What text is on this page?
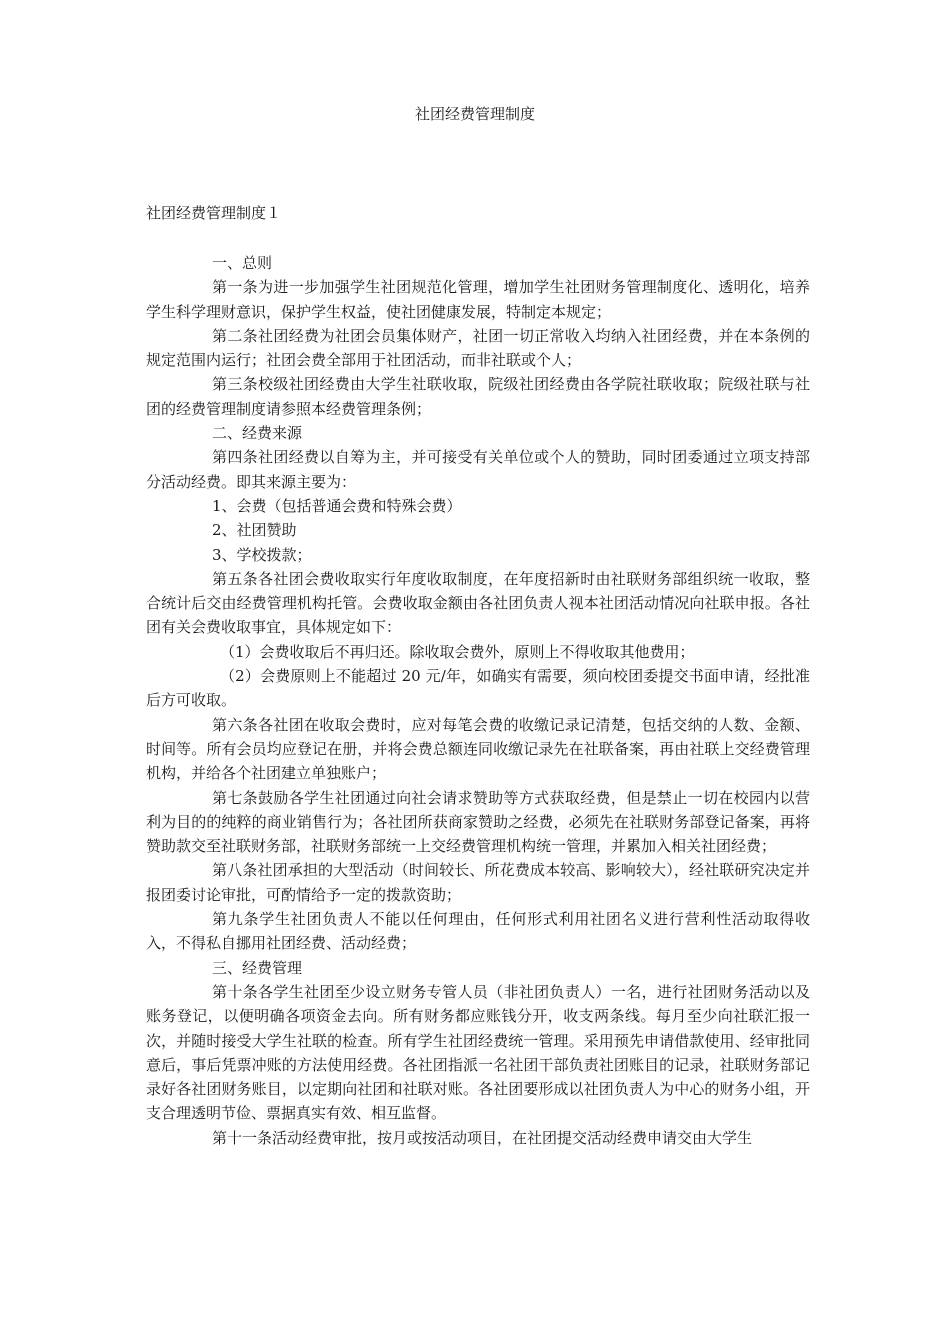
社团经费管理制度
社团经费管理制度１

一、总则

第一条为进一步加强学生社团规范化管理，增加学生社团财务管理制度化、透明化，培养学生科学理财意识，保护学生权益，使社团健康发展，特制定本规定；

第二条社团经费为社团会员集体财产，社团一切正常收入均纳入社团经费，并在本条例的规定范围内运行；社团会费全部用于社团活动，而非社联或个人；

第三条校级社团经费由大学生社联收取，院级社团经费由各学院社联收取；院级社联与社团的经费管理制度请参照本经费管理条例；

二、经费来源

第四条社团经费以自筹为主，并可接受有关单位或个人的赞助，同时团委通过立项支持部分活动经费。即其来源主要为：

1、会费（包括普通会费和特殊会费）

2、社团赞助

3、学校拨款；

第五条各社团会费收取实行年度收取制度，在年度招新时由社联财务部组织统一收取，整合统计后交由经费管理机构托管。会费收取金额由各社团负责人视本社团活动情况向社联申报。各社团有关会费收取事宜，具体规定如下：

（1）会费收取后不再归还。除收取会费外，原则上不得收取其他费用；

（2）会费原则上不能超过 20 元/年，如确实有需要，须向校团委提交书面申请，经批准后方可收取。

第六条各社团在收取会费时，应对每笔会费的收缴记录记清楚，包括交纳的人数、金额、时间等。所有会员均应登记在册，并将会费总额连同收缴记录先在社联备案，再由社联上交经费管理机构，并给各个社团建立单独账户；

第七条鼓励各学生社团通过向社会请求赞助等方式获取经费，但是禁止一切在校园内以营利为目的的纯粹的商业销售行为；各社团所获商家赞助之经费，必须先在社联财务部登记备案，再将赞助款交至社联财务部，社联财务部统一上交经费管理机构统一管理，并累加入相关社团经费；

第八条社团承担的大型活动（时间较长、所花费成本较高、影响较大），经社联研究决定并报团委讨论审批，可酌情给予一定的拨款资助；

第九条学生社团负责人不能以任何理由，任何形式利用社团名义进行营利性活动取得收入，不得私自挪用社团经费、活动经费；

三、经费管理

第十条各学生社团至少设立财务专管人员（非社团负责人）一名，进行社团财务活动以及账务登记，以便明确各项资金去向。所有财务都应账钱分开，收支两条线。每月至少向社联汇报一次，并随时接受大学生社联的检查。所有学生社团经费统一管理。采用预先申请借款使用、经审批同意后，事后凭票冲账的方法使用经费。各社团指派一名社团干部负责社团账目的记录，社联财务部记录好各社团财务账目，以定期向社团和社联对账。各社团要形成以社团负责人为中心的财务小组，开支合理透明节俭、票据真实有效、相互监督。

第十一条活动经费审批，按月或按活动项目，在社团提交活动经费申请交由大学生
